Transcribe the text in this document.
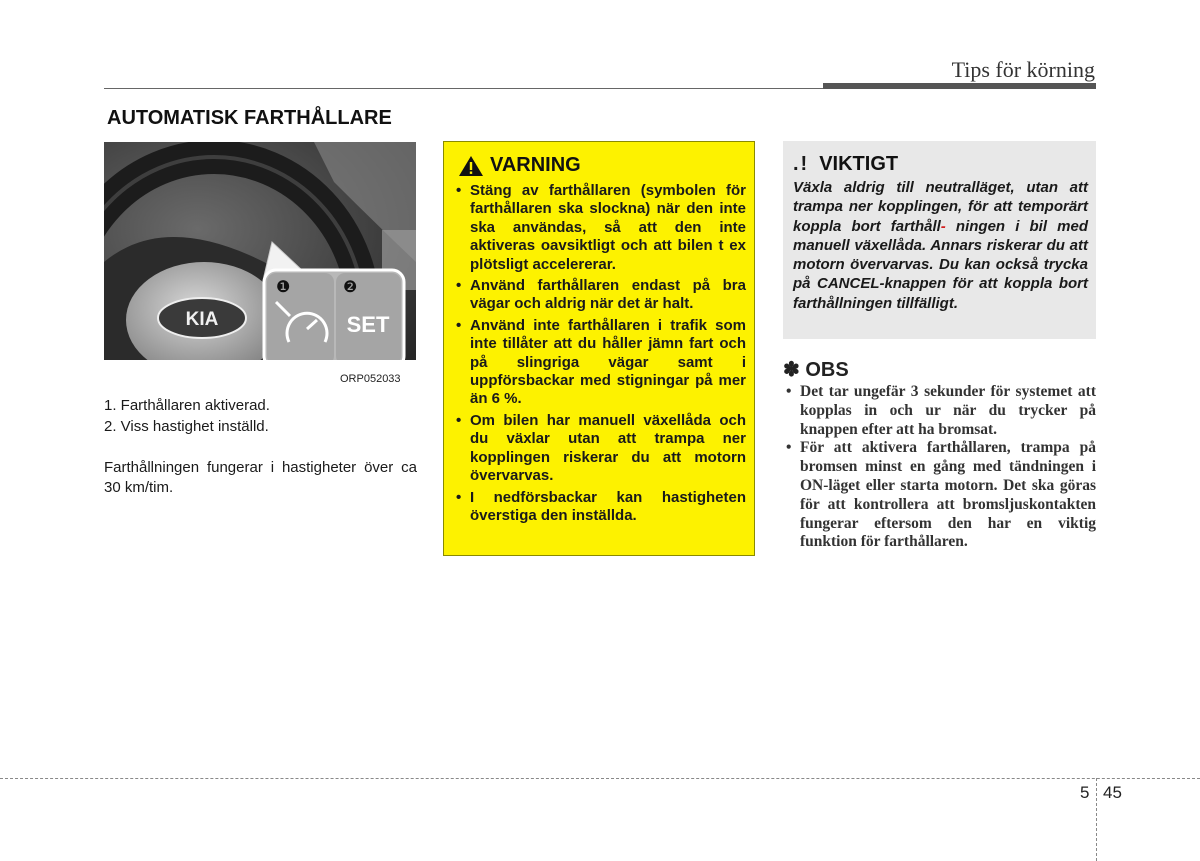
Tips för körning
AUTOMATISK FARTHÅLLARE
KIA
❶	❷
SET
ORP052033
1. Farthållaren aktiverad.
2. Viss hastighet inställd.
Farthållningen fungerar i hastigheter över ca 30 km/tim.
VARNING
• Stäng av farthållaren (symbolen för farthållaren ska slockna) när den inte ska användas, så att den inte aktiveras oavsiktligt och att bilen t ex plötsligt accelererar.
• Använd farthållaren endast på bra vägar och aldrig när det är halt.
• Använd inte farthållaren i trafik som inte tillåter att du håller jämn fart och på slingriga vägar samt i uppförsbackar med stigningar på mer än 6 %.
• Om bilen har manuell växellåda och du växlar utan att trampa ner kopplingen riskerar du att motorn övervarvas.
• I nedförsbackar kan hastigheten överstiga den inställda.
.! VIKTIGT
Växla aldrig till neutralläget, utan att trampa ner kopplingen, för att temporärt koppla bort farthåll- ningen i bil med manuell växellåda. Annars riskerar du att motorn övervarvas. Du kan också trycka på CANCEL-knappen för att koppla bort farthållningen tillfälligt.
✽ OBS
• Det tar ungefär 3 sekunder för systemet att kopplas in och ur när du trycker på knappen efter att ha bromsat.
• För att aktivera farthållaren, trampa på bromsen minst en gång med tändningen i ON-läget eller starta motorn. Det ska göras för att kontrollera att bromsljuskontakten fungerar eftersom den har en viktig funktion för farthållaren.
5 45
